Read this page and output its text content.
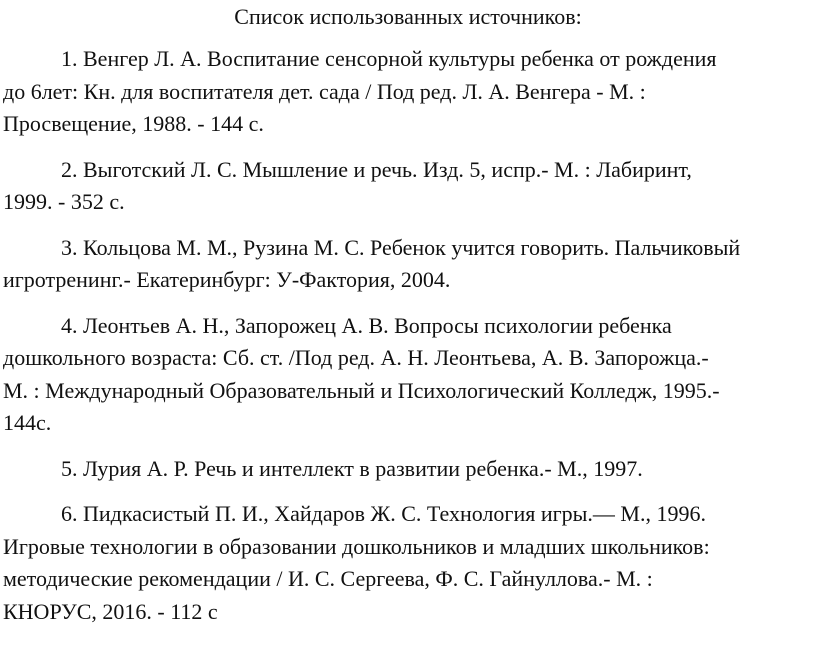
Список использованных источников:
1. Венгер Л. А. Воспитание сенсорной культуры ребенка от рождения
до 6лет: Кн. для воспитателя дет. сада / Под ред. Л. А. Венгера - М. :
Просвещение, 1988. - 144 с.
2. Выготский Л. С. Мышление и речь. Изд. 5, испр.- М. : Лабиринт,
1999. - 352 с.
3. Кольцова М. М., Рузина М. С. Ребенок учится говорить. Пальчиковый
игротренинг.- Екатеринбург: У-Фактория, 2004.
4. Леонтьев А. Н., Запорожец А. В. Вопросы психологии ребенка
дошкольного возраста: Сб. ст. /Под ред. А. Н. Леонтьева, А. В. Запорожца.-
М. : Международный Образовательный и Психологический Колледж, 1995.-
144с.
5. Лурия А. Р. Речь и интеллект в развитии ребенка.- М., 1997.
6. Пидкасистый П. И., Хайдаров Ж. С. Технология игры.— М., 1996.
Игровые технологии в образовании дошкольников и младших школьников:
методические рекомендации / И. С. Сергеева, Ф. С. Гайнуллова.- М. :
КНОРУС, 2016. - 112 с
